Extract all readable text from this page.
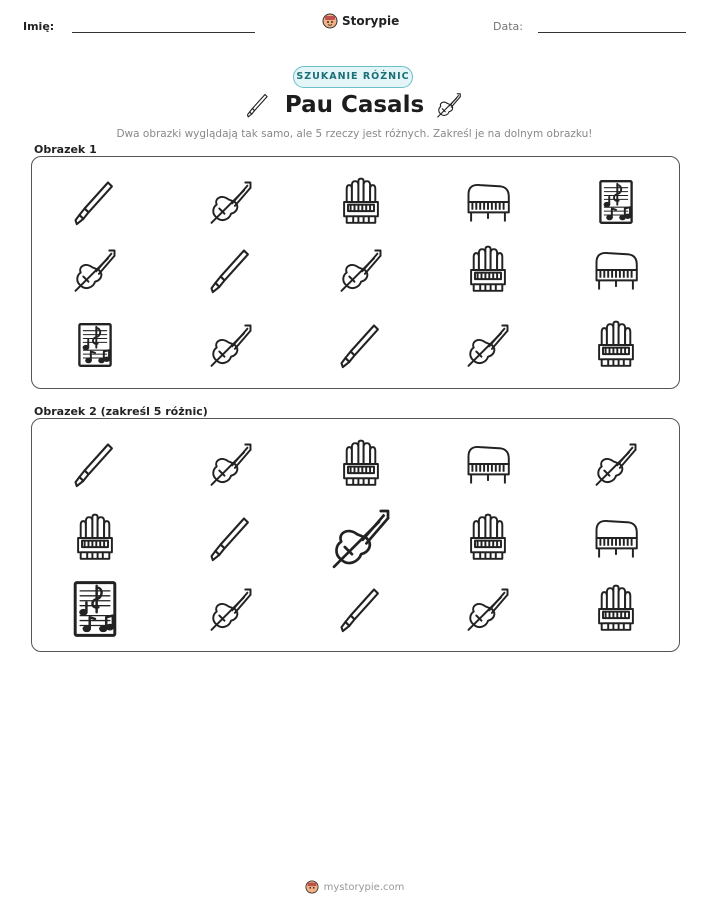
Imię:	Storypie	Data:
SZUKANIE RÓŻNIC
Pau Casals
Dwa obrazki wyglądają tak samo, ale 5 rzeczy jest różnych. Zakreśl je na dolnym obrazku!
Obrazek 1
Obrazek 2 (zakreśl 5 różnic)
mystorypie.com
